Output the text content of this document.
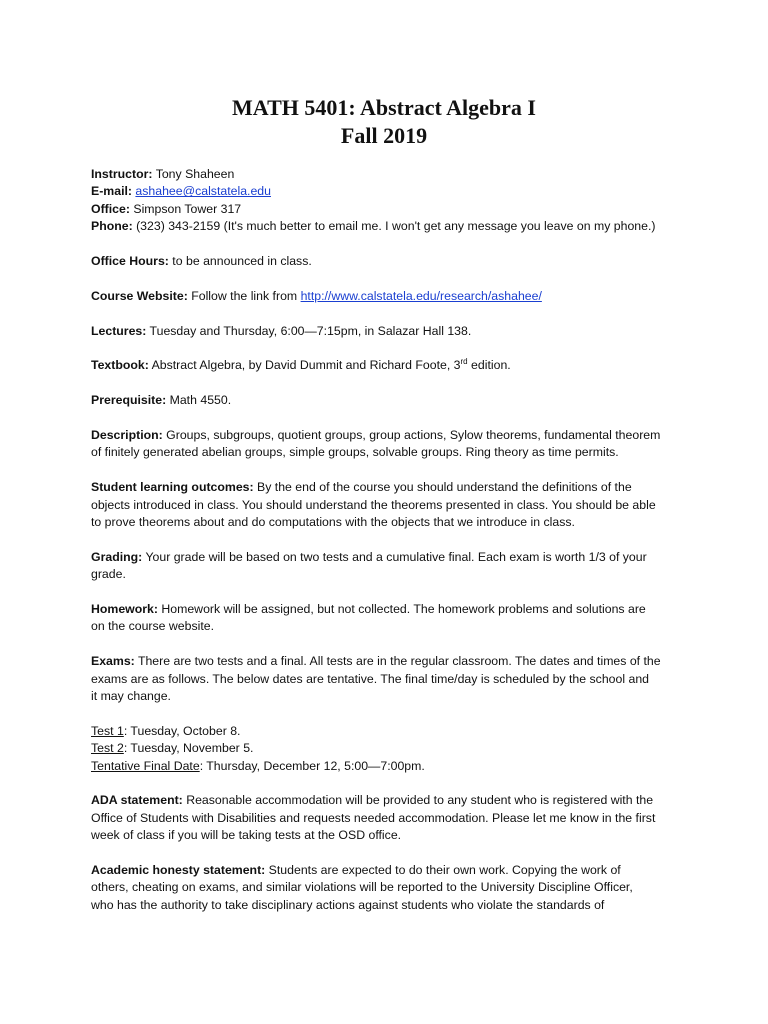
MATH 5401: Abstract Algebra I
Fall 2019

Instructor: Tony Shaheen

E-mail: ashahee@calstatela.edu

Office: Simpson Tower 317

Phone: (323) 343-2159 (It's much better to email me. I won't get any message you leave on my phone.)

Office Hours: to be announced in class.

Course Website: Follow the link from http://www.calstatela.edu/research/ashahee/

Lectures: Tuesday and Thursday, 6:00—7:15pm, in Salazar Hall 138.

Textbook: Abstract Algebra, by David Dummit and Richard Foote, 3rd edition.

Prerequisite: Math 4550.

Description: Groups, subgroups, quotient groups, group actions, Sylow theorems, fundamental theorem

of finitely generated abelian groups, simple groups, solvable groups. Ring theory as time permits.

Student learning outcomes: By the end of the course you should understand the definitions of the

objects introduced in class. You should understand the theorems presented in class. You should be able

to prove theorems about and do computations with the objects that we introduce in class.

Grading: Your grade will be based on two tests and a cumulative final. Each exam is worth 1/3 of your

grade.

Homework: Homework will be assigned, but not collected. The homework problems and solutions are

on the course website.

Exams: There are two tests and a final. All tests are in the regular classroom. The dates and times of the

exams are as follows. The below dates are tentative. The final time/day is scheduled by the school and

it may change.

Test 1: Tuesday, October 8.

Test 2: Tuesday, November 5.

Tentative Final Date: Thursday, December 12, 5:00—7:00pm.

ADA statement: Reasonable accommodation will be provided to any student who is registered with the

Office of Students with Disabilities and requests needed accommodation. Please let me know in the first

week of class if you will be taking tests at the OSD office.

Academic honesty statement: Students are expected to do their own work. Copying the work of

others, cheating on exams, and similar violations will be reported to the University Discipline Officer,

who has the authority to take disciplinary actions against students who violate the standards of
